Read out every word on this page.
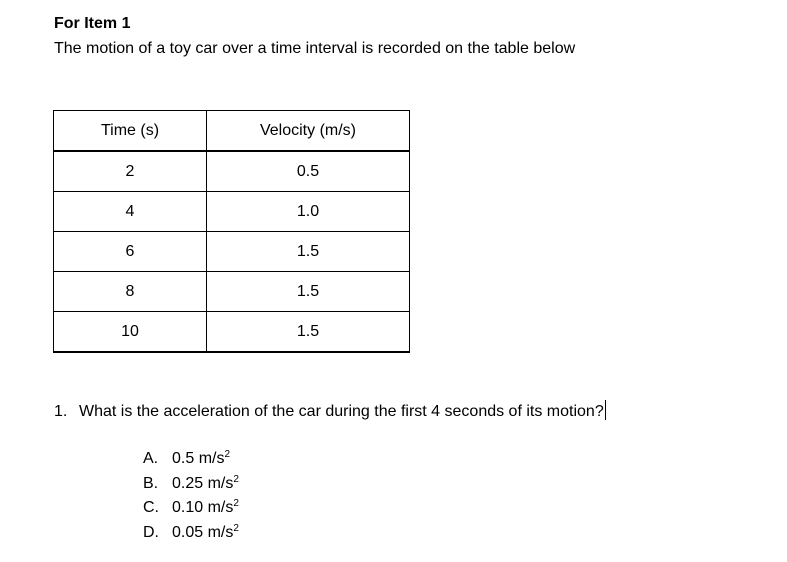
For Item 1
The motion of a toy car over a time interval is recorded on the table below
Time (s)	Velocity (m/s)
2	0.5
4	1.0
6	1.5
8	1.5
10	1.5
1. What is the acceleration of the car during the first 4 seconds of its motion?
A. 0.5 $m/s^2$
B. 0.25 $m/s^2$
C. 0.10 $m/s^2$
D. 0.05 $m/s^2$
